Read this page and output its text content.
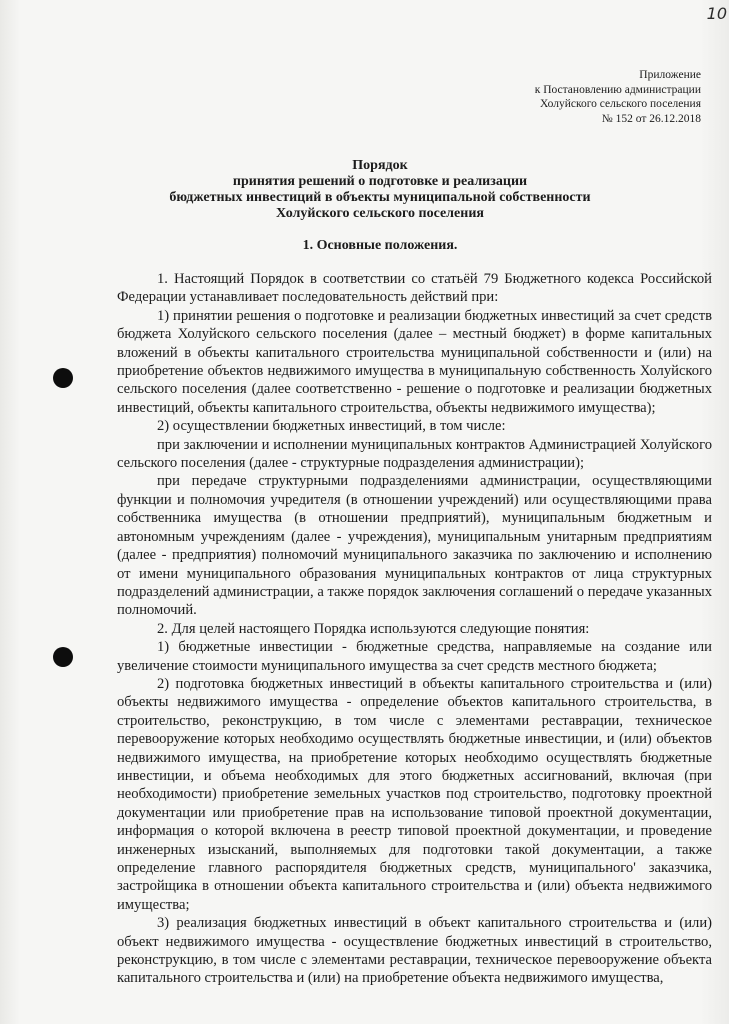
10
Приложение
к Постановлению администрации
Холуйского сельского поселения
№ 152 от 26.12.2018
Порядок
принятия решений о подготовке и реализации
бюджетных инвестиций в объекты муниципальной собственности
Холуйского сельского поселения
1. Основные положения.

1. Настоящий Порядок в соответствии со статьёй 79 Бюджетного кодекса Российской Федерации устанавливает последовательность действий при:

1) принятии решения о подготовке и реализации бюджетных инвестиций за счет средств бюджета Холуйского сельского поселения (далее – местный бюджет) в форме капитальных вложений в объекты капитального строительства муниципальной собственности и (или) на приобретение объектов недвижимого имущества в муниципальную собственность Холуйского сельского поселения (далее соответственно - решение о подготовке и реализации бюджетных инвестиций, объекты капитального строительства, объекты недвижимого имущества);

2) осуществлении бюджетных инвестиций, в том числе:

при заключении и исполнении муниципальных контрактов Администрацией Холуйского сельского поселения (далее - структурные подразделения администрации);

при передаче структурными подразделениями администрации, осуществляющими функции и полномочия учредителя (в отношении учреждений) или осуществляющими права собственника имущества (в отношении предприятий), муниципальным бюджетным и автономным учреждениям (далее - учреждения), муниципальным унитарным предприятиям (далее - предприятия) полномочий муниципального заказчика по заключению и исполнению от имени муниципального образования муниципальных контрактов от лица структурных подразделений администрации, а также порядок заключения соглашений о передаче указанных полномочий.

2. Для целей настоящего Порядка используются следующие понятия:

1) бюджетные инвестиции - бюджетные средства, направляемые на создание или увеличение стоимости муниципального имущества за счет средств местного бюджета;

2) подготовка бюджетных инвестиций в объекты капитального строительства и (или) объекты недвижимого имущества - определение объектов капитального строительства, в строительство, реконструкцию, в том числе с элементами реставрации, техническое перевооружение которых необходимо осуществлять бюджетные инвестиции, и (или) объектов недвижимого имущества, на приобретение которых необходимо осуществлять бюджетные инвестиции, и объема необходимых для этого бюджетных ассигнований, включая (при необходимости) приобретение земельных участков под строительство, подготовку проектной документации или приобретение прав на использование типовой проектной документации, информация о которой включена в реестр типовой проектной документации, и проведение инженерных изысканий, выполняемых для подготовки такой документации, а также определение главного распорядителя бюджетных средств, муниципального' заказчика, застройщика в отношении объекта капитального строительства и (или) объекта недвижимого имущества;

3) реализация бюджетных инвестиций в объект капитального строительства и (или) объект недвижимого имущества - осуществление бюджетных инвестиций в строительство, реконструкцию, в том числе с элементами реставрации, техническое перевооружение объекта капитального строительства и (или) на приобретение объекта недвижимого имущества,
